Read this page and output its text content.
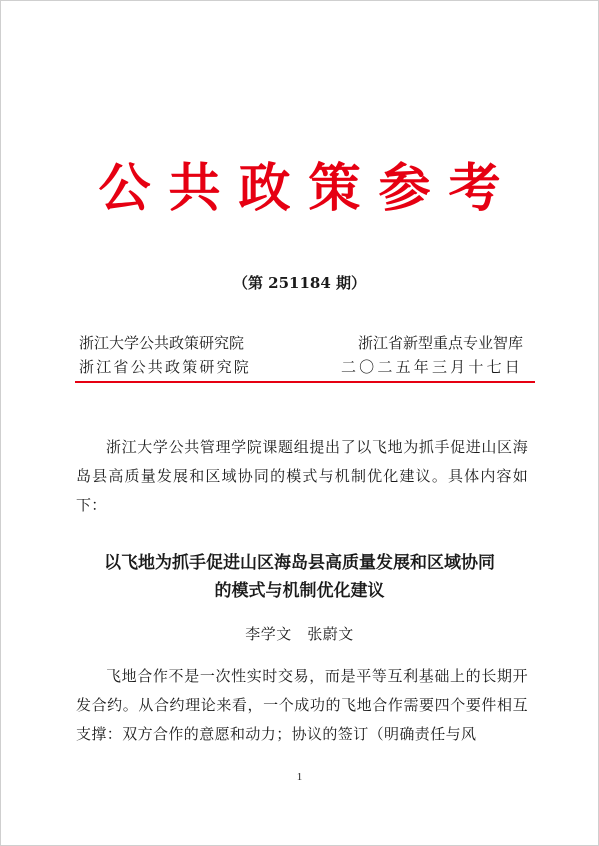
公共政策参考
（第 251184 期）
浙江大学公共政策研究院	浙江省新型重点专业智库
浙江省公共政策研究院	二〇二五年三月十七日

浙江大学公共管理学院课题组提出了以飞地为抓手促进山区海岛县高质量发展和区域协同的模式与机制优化建议。具体内容如下：

以飞地为抓手促进山区海岛县高质量发展和区域协同
的模式与机制优化建议
李学文　张蔚文

飞地合作不是一次性实时交易，而是平等互利基础上的长期开发合约。从合约理论来看，一个成功的飞地合作需要四个要件相互支撑：双方合作的意愿和动力；协议的签订（明确责任与风

1
